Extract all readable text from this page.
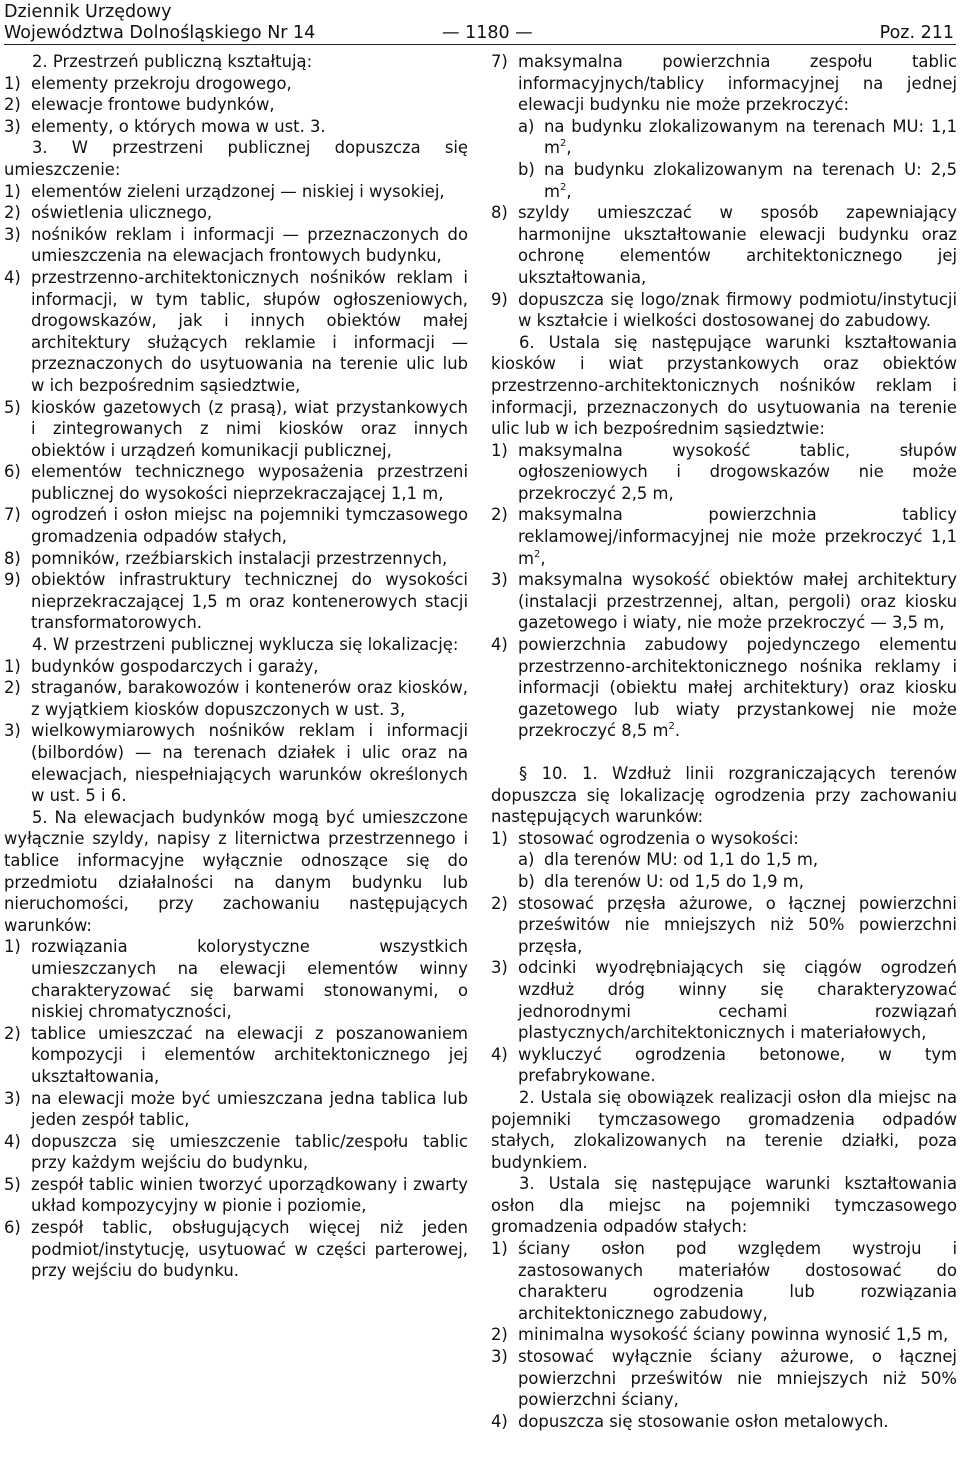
Dziennik Urzędowy
Województwa Dolnośląskiego Nr 14	— 1180 —	Poz. 211
2. Przestrzeń publiczną kształtują:
1) elementy przekroju drogowego,
2) elewacje frontowe budynków,
3) elementy, o których mowa w ust. 3.
3. W przestrzeni publicznej dopuszcza się umieszczenie:
1) elementów zieleni urządzonej — niskiej i wysokiej,
2) oświetlenia ulicznego,
3) nośników reklam i informacji — przeznaczonych do umieszczenia na elewacjach frontowych budynku,
4) przestrzenno-architektonicznych nośników reklam i informacji, w tym tablic, słupów ogłoszeniowych, drogowskazów, jak i innych obiektów małej architektury służących reklamie i informacji — przeznaczonych do usytuowania na terenie ulic lub w ich bezpośrednim sąsiedztwie,
5) kiosków gazetowych (z prasą), wiat przystankowych i zintegrowanych z nimi kiosków oraz innych obiektów i urządzeń komunikacji publicznej,
6) elementów technicznego wyposażenia przestrzeni publicznej do wysokości nieprzekraczającej 1,1 m,
7) ogrodzeń i osłon miejsc na pojemniki tymczasowego gromadzenia odpadów stałych,
8) pomników, rzeźbiarskich instalacji przestrzennych,
9) obiektów infrastruktury technicznej do wysokości nieprzekraczającej 1,5 m oraz kontenerowych stacji transformatorowych.
4. W przestrzeni publicznej wyklucza się lokalizację:
1) budynków gospodarczych i garaży,
2) straganów, barakowozów i kontenerów oraz kiosków, z wyjątkiem kiosków dopuszczonych w ust. 3,
3) wielkowymiarowych nośników reklam i informacji (bilbordów) — na terenach działek i ulic oraz na elewacjach, niespełniających warunków określonych w ust. 5 i 6.
5. Na elewacjach budynków mogą być umieszczone wyłącznie szyldy, napisy z liternictwa przestrzennego i tablice informacyjne wyłącznie odnoszące się do przedmiotu działalności na danym budynku lub nieruchomości, przy zachowaniu następujących warunków:
1) rozwiązania kolorystyczne wszystkich umieszczanych na elewacji elementów winny charakteryzować się barwami stonowanymi, o niskiej chromatyczności,
2) tablice umieszczać na elewacji z poszanowaniem kompozycji i elementów architektonicznego jej ukształtowania,
3) na elewacji może być umieszczana jedna tablica lub jeden zespół tablic,
4) dopuszcza się umieszczenie tablic/zespołu tablic przy każdym wejściu do budynku,
5) zespół tablic winien tworzyć uporządkowany i zwarty układ kompozycyjny w pionie i poziomie,
6) zespół tablic, obsługujących więcej niż jeden podmiot/instytucję, usytuować w części parterowej, przy wejściu do budynku.
7) maksymalna powierzchnia zespołu tablic informacyjnych/tablicy informacyjnej na jednej elewacji budynku nie może przekroczyć:
a) na budynku zlokalizowanym na terenach MU: 1,1 $m^2$,
b) na budynku zlokalizowanym na terenach U: 2,5 $m^2$,
8) szyldy umieszczać w sposób zapewniający harmonijne ukształtowanie elewacji budynku oraz ochronę elementów architektonicznego jej ukształtowania,
9) dopuszcza się logo/znak firmowy podmiotu/instytucji w kształcie i wielkości dostosowanej do zabudowy.
6. Ustala się następujące warunki kształtowania kiosków i wiat przystankowych oraz obiektów przestrzenno-architektonicznych nośników reklam i informacji, przeznaczonych do usytuowania na terenie ulic lub w ich bezpośrednim sąsiedztwie:
1) maksymalna wysokość tablic, słupów ogłoszeniowych i drogowskazów nie może przekroczyć 2,5 m,
2) maksymalna powierzchnia tablicy reklamowej/informacyjnej nie może przekroczyć 1,1 $m^2$,
3) maksymalna wysokość obiektów małej architektury (instalacji przestrzennej, altan, pergoli) oraz kiosku gazetowego i wiaty, nie może przekroczyć — 3,5 m,
4) powierzchnia zabudowy pojedynczego elementu przestrzenno-architektonicznego nośnika reklamy i informacji (obiektu małej architektury) oraz kiosku gazetowego lub wiaty przystankowej nie może przekroczyć 8,5 $m^2$.
§ 10. 1. Wzdłuż linii rozgraniczających terenów dopuszcza się lokalizację ogrodzenia przy zachowaniu następujących warunków:
1) stosować ogrodzenia o wysokości:
a) dla terenów MU: od 1,1 do 1,5 m,
b) dla terenów U: od 1,5 do 1,9 m,
2) stosować przęsła ażurowe, o łącznej powierzchni prześwitów nie mniejszych niż 50% powierzchni przęsła,
3) odcinki wyodrębniających się ciągów ogrodzeń wzdłuż dróg winny się charakteryzować jednorodnymi cechami rozwiązań plastycznych/architektonicznych i materiałowych,
4) wykluczyć ogrodzenia betonowe, w tym prefabrykowane.
2. Ustala się obowiązek realizacji osłon dla miejsc na pojemniki tymczasowego gromadzenia odpadów stałych, zlokalizowanych na terenie działki, poza budynkiem.
3. Ustala się następujące warunki kształtowania osłon dla miejsc na pojemniki tymczasowego gromadzenia odpadów stałych:
1) ściany osłon pod względem wystroju i zastosowanych materiałów dostosować do charakteru ogrodzenia lub rozwiązania architektonicznego zabudowy,
2) minimalna wysokość ściany powinna wynosić 1,5 m,
3) stosować wyłącznie ściany ażurowe, o łącznej powierzchni prześwitów nie mniejszych niż 50% powierzchni ściany,
4) dopuszcza się stosowanie osłon metalowych.
